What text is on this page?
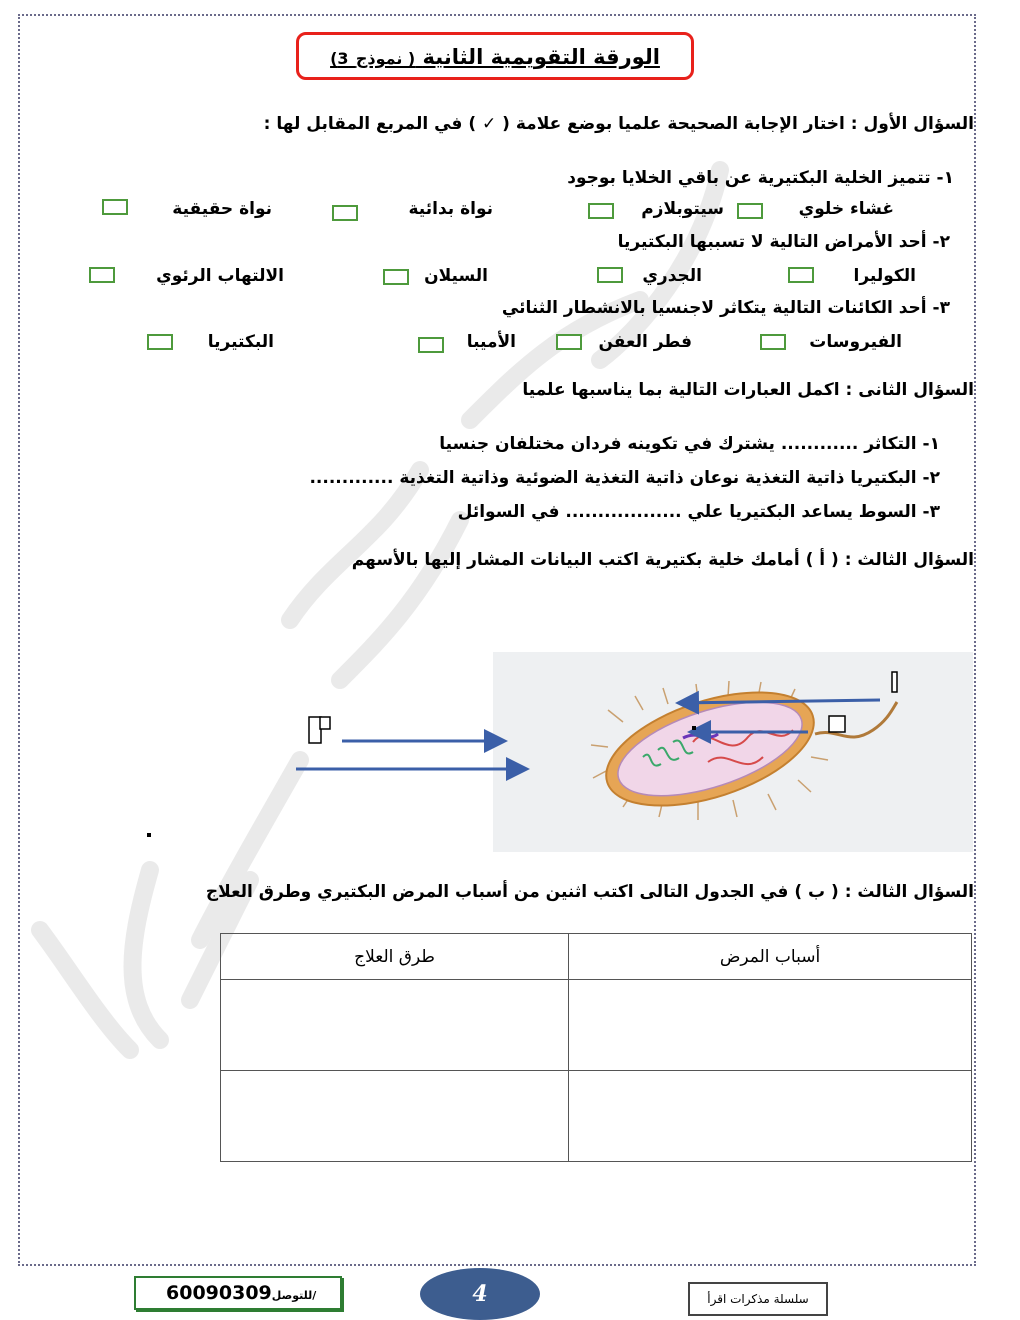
الورقة التقويمية الثانية ( نموذج 3)
السؤال الأول : اختار الإجابة الصحيحة علميا بوضع علامة ( ✓ ) في المربع المقابل لها :
١- تتميز الخلية البكتيرية عن باقي الخلايا بوجود
غشاء خلوي
سيتوبلازم
نواة بدائية
نواة حقيقية
٢- أحد الأمراض التالية لا تسببها البكتيريا
الكوليرا
الجدري
السيلان
الالتهاب الرئوي
٣- أحد الكائنات التالية يتكاثر لاجنسيا بالانشطار الثنائي
الفيروسات
فطر العفن
الأميبا
البكتيريا
السؤال الثانى : اكمل العبارات التالية بما يناسبها علميا
١- التكاثر ............ يشترك في تكوينه فردان مختلفان جنسيا
٢- البكتيريا ذاتية التغذية نوعان ذاتية التغذية الضوئية وذاتية التغذية .............
٣- السوط يساعد البكتيريا علي .................. في السوائل
السؤال الثالث : ( أ ) أمامك خلية بكتيرية اكتب البيانات المشار إليها بالأسهم
السؤال الثالث : ( ب ) في الجدول التالى اكتب اثنين من أسباب المرض البكتيري وطرق العلاج
طرق العلاج	أسباب المرض

60090309للتوصل/	4	سلسلة مذكرات اقرأ
